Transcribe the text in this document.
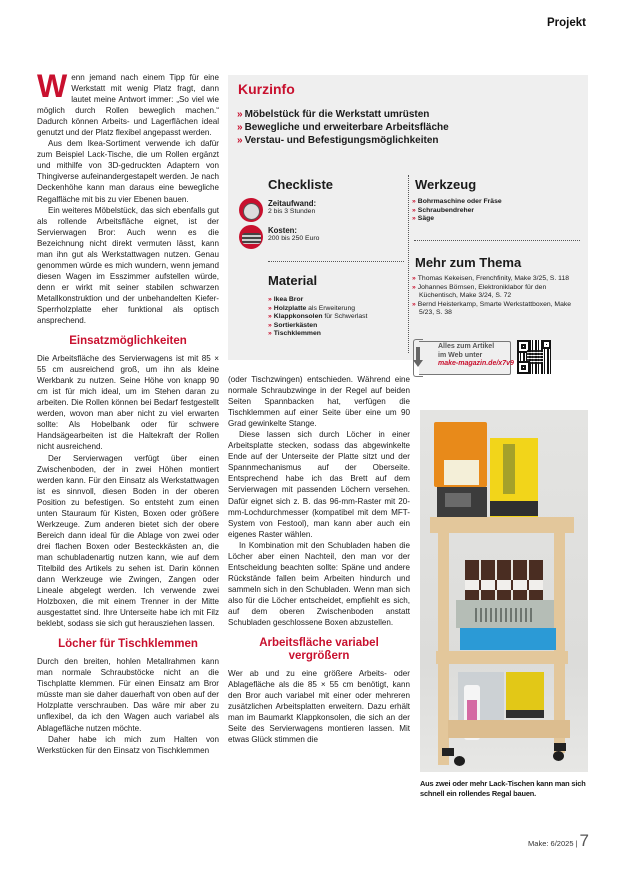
Projekt

Wenn jemand nach einem Tipp für eine Werkstatt mit wenig Platz fragt, dann lautet meine Antwort immer: „So viel wie möglich durch Rollen beweglich machen.“ Dadurch können Arbeits- und Lagerflächen ideal genutzt und der Platz flexibel angepasst werden.

Aus dem Ikea-Sortiment verwende ich dafür zum Beispiel Lack-Tische, die um Rollen ergänzt und mithilfe von 3D-gedruckten Adaptern von Thingiverse aufeinandergestapelt werden. Je nach Deckenhöhe kann man daraus eine bewegliche Regalfläche mit bis zu vier Ebenen bauen.

Ein weiteres Möbelstück, das sich ebenfalls gut als rollende Arbeitsfläche eignet, ist der Servierwagen Bror: Auch wenn es die Bezeichnung nicht direkt vermuten lässt, kann man ihn gut als Werkstattwagen nutzen. Genau genommen würde es mich wundern, wenn jemand diesen Wagen im Esszimmer aufstellen würde, denn er wirkt mit seiner stabilen schwarzen Metallkonstruktion und der unbehandelten Kiefer-Sperrholzplatte eher funktional als optisch ansprechend.

Einsatzmöglichkeiten

Die Arbeitsfläche des Servierwagens ist mit 85 × 55 cm ausreichend groß, um ihn als kleine Werkbank zu nutzen. Seine Höhe von knapp 90 cm ist für mich ideal, um im Stehen daran zu arbeiten. Die Rollen können bei Bedarf festgestellt werden, wovon man aber nicht zu viel erwarten sollte: Als Hobelbank oder für schwere Handsägearbeiten ist die Haltekraft der Rollen nicht ausreichend.

Der Servierwagen verfügt über einen Zwischenboden, der in zwei Höhen montiert werden kann. Für den Einsatz als Werkstattwagen ist es sinnvoll, diesen Boden in der oberen Position zu befestigen. So entsteht zum einen unten Stauraum für Kisten, Boxen oder größere Werkzeuge. Zum anderen bietet sich der obere Bereich dann ideal für die Ablage von zwei oder drei flachen Boxen oder Besteckkästen an, die man schubladenartig nutzen kann, wie auf dem Titelbild des Artikels zu sehen ist. Darin können dann Werkzeuge wie Zwingen, Zangen oder Lineale abgelegt werden. Ich verwende zwei Holzboxen, die mit einem Trenner in der Mitte ausgestattet sind. Ihre Unterseite habe ich mit Filz beklebt, sodass sie sich gut herausziehen lassen.

Löcher für Tischklemmen

Durch den breiten, hohlen Metallrahmen kann man normale Schraubstöcke nicht an die Tischplatte klemmen. Für einen Einsatz am Bror müsste man sie daher dauerhaft von oben auf der Holzplatte verschrauben. Das wäre mir aber zu unflexibel, da ich den Wagen auch variabel als Ablagefläche nutzen möchte.

Daher habe ich mich zum Halten von Werkstücken für den Einsatz von Tischklemmen

Kurzinfo
» Möbelstück für die Werkstatt umrüsten
» Bewegliche und erweiterbare Arbeitsfläche
» Verstau- und Befestigungsmöglichkeiten
Checkliste
Zeitaufwand:
2 bis 3 Stunden
Kosten:
200 bis 250 Euro
Material
» Ikea Bror
» Holzplatte als Erweiterung
» Klappkonsolen für Schwerlast
» Sortierkästen
» Tischklemmen
Werkzeug
» Bohrmaschine oder Fräse
» Schraubendreher
» Säge
Mehr zum Thema
» Thomas Kekeisen, Frenchfinity, Make 3/25, S. 118
» Johannes Börnsen, Elektroniklabor für den Küchentisch, Make 3/24, S. 72
» Bernd Heisterkamp, Smarte Werkstattboxen, Make 5/23, S. 38
Alles zum Artikel
im Web unter
make-magazin.de/x7v9

(oder Tischzwingen) entschieden. Während eine normale Schraubzwinge in der Regel auf beiden Seiten Spannbacken hat, verfügen die Tischklemmen auf einer Seite über eine um 90 Grad gewinkelte Stange.

Diese lassen sich durch Löcher in einer Arbeitsplatte stecken, sodass das abgewinkelte Ende auf der Unterseite der Platte sitzt und der Spannmechanismus auf der Oberseite. Entsprechend habe ich das Brett auf dem Servierwagen mit passenden Löchern versehen. Dafür eignet sich z. B. das 96-mm-Raster mit 20-mm-Lochdurchmesser (kompatibel mit dem MFT-System von Festool), man kann aber auch ein eigenes Raster wählen.

In Kombination mit den Schubladen haben die Löcher aber einen Nachteil, den man vor der Entscheidung beachten sollte: Späne und andere Rückstände fallen beim Arbeiten hindurch und sammeln sich in den Schubladen. Wenn man sich also für die Löcher entscheidet, empfiehlt es sich, auf dem oberen Zwischenboden anstatt Schubladen geschlossene Boxen abzustellen.

Arbeitsfläche variabel vergrößern

Wer ab und zu eine größere Arbeits- oder Ablagefläche als die 85 × 55 cm benötigt, kann den Bror auch variabel mit einer oder mehreren zusätzlichen Arbeitsplatten erweitern. Dazu erhält man im Baumarkt Klappkonsolen, die sich an der Seite des Servierwagens montieren lassen. Mit etwas Glück stimmen die

Aus zwei oder mehr Lack-Tischen kann man sich schnell ein rollendes Regal bauen.
Make: 6/2025 | 7
